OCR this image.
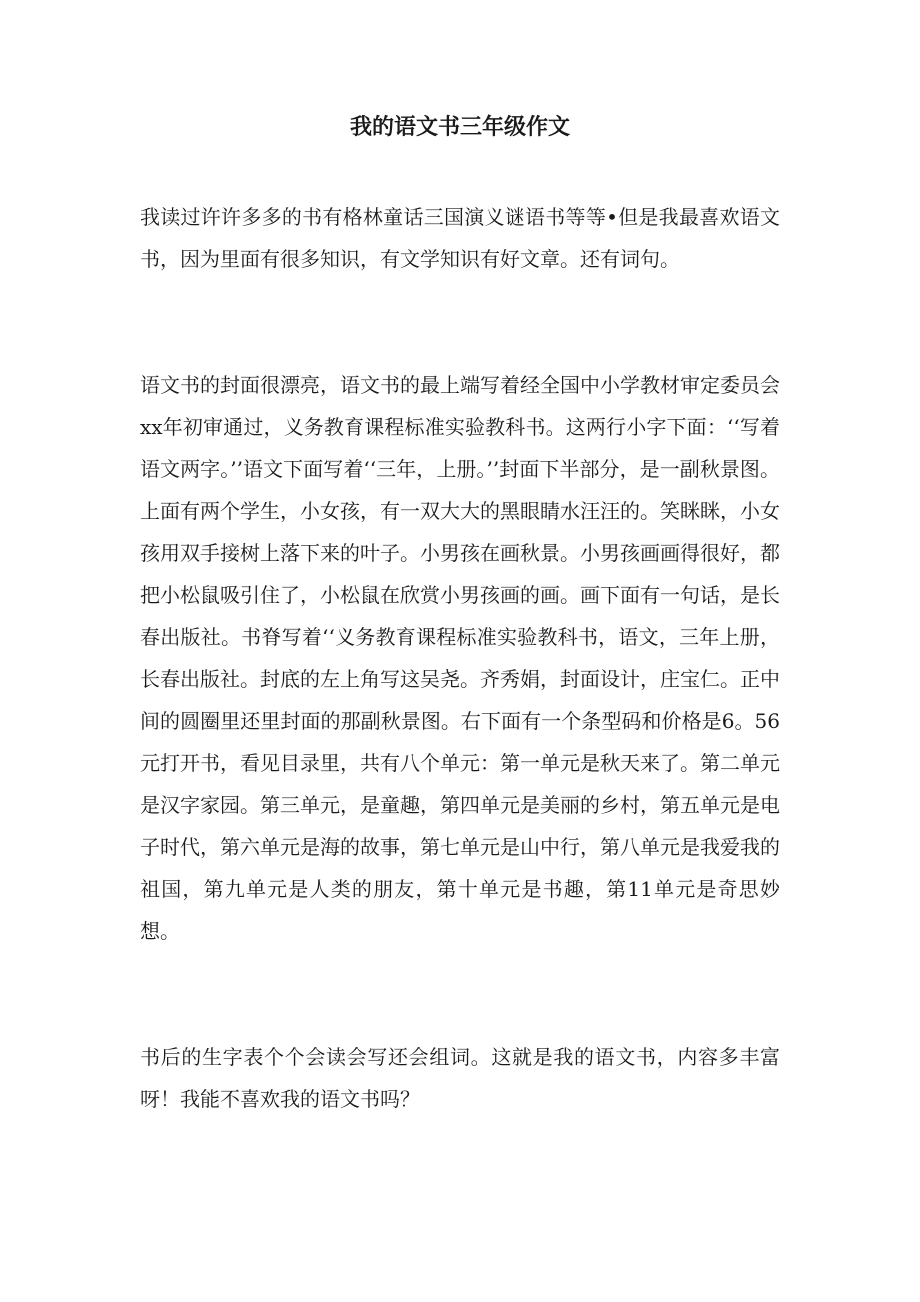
我的语文书三年级作文

我读过许许多多的书有格林童话三国演义谜语书等等•但是我最喜欢语文书，因为里面有很多知识，有文学知识有好文章。还有词句。

语文书的封面很漂亮，语文书的最上端写着经全国中小学教材审定委员会xx年初审通过，义务教育课程标准实验教科书。这两行小字下面：‘‘写着语文两字。’’语文下面写着‘‘三年，上册。’’封面下半部分，是一副秋景图。上面有两个学生，小女孩，有一双大大的黑眼睛水汪汪的。笑眯眯，小女孩用双手接树上落下来的叶子。小男孩在画秋景。小男孩画画得很好，都把小松鼠吸引住了，小松鼠在欣赏小男孩画的画。画下面有一句话，是长春出版社。书脊写着‘‘义务教育课程标准实验教科书，语文，三年上册，长春出版社。封底的左上角写这吴尧。齐秀娟，封面设计，庄宝仁。正中间的圆圈里还里封面的那副秋景图。右下面有一个条型码和价格是6。56元打开书，看见目录里，共有八个单元：第一单元是秋天来了。第二单元是汉字家园。第三单元，是童趣，第四单元是美丽的乡村，第五单元是电子时代，第六单元是海的故事，第七单元是山中行，第八单元是我爱我的祖国，第九单元是人类的朋友，第十单元是书趣，第11单元是奇思妙想。

书后的生字表个个会读会写还会组词。这就是我的语文书，内容多丰富呀！我能不喜欢我的语文书吗？
